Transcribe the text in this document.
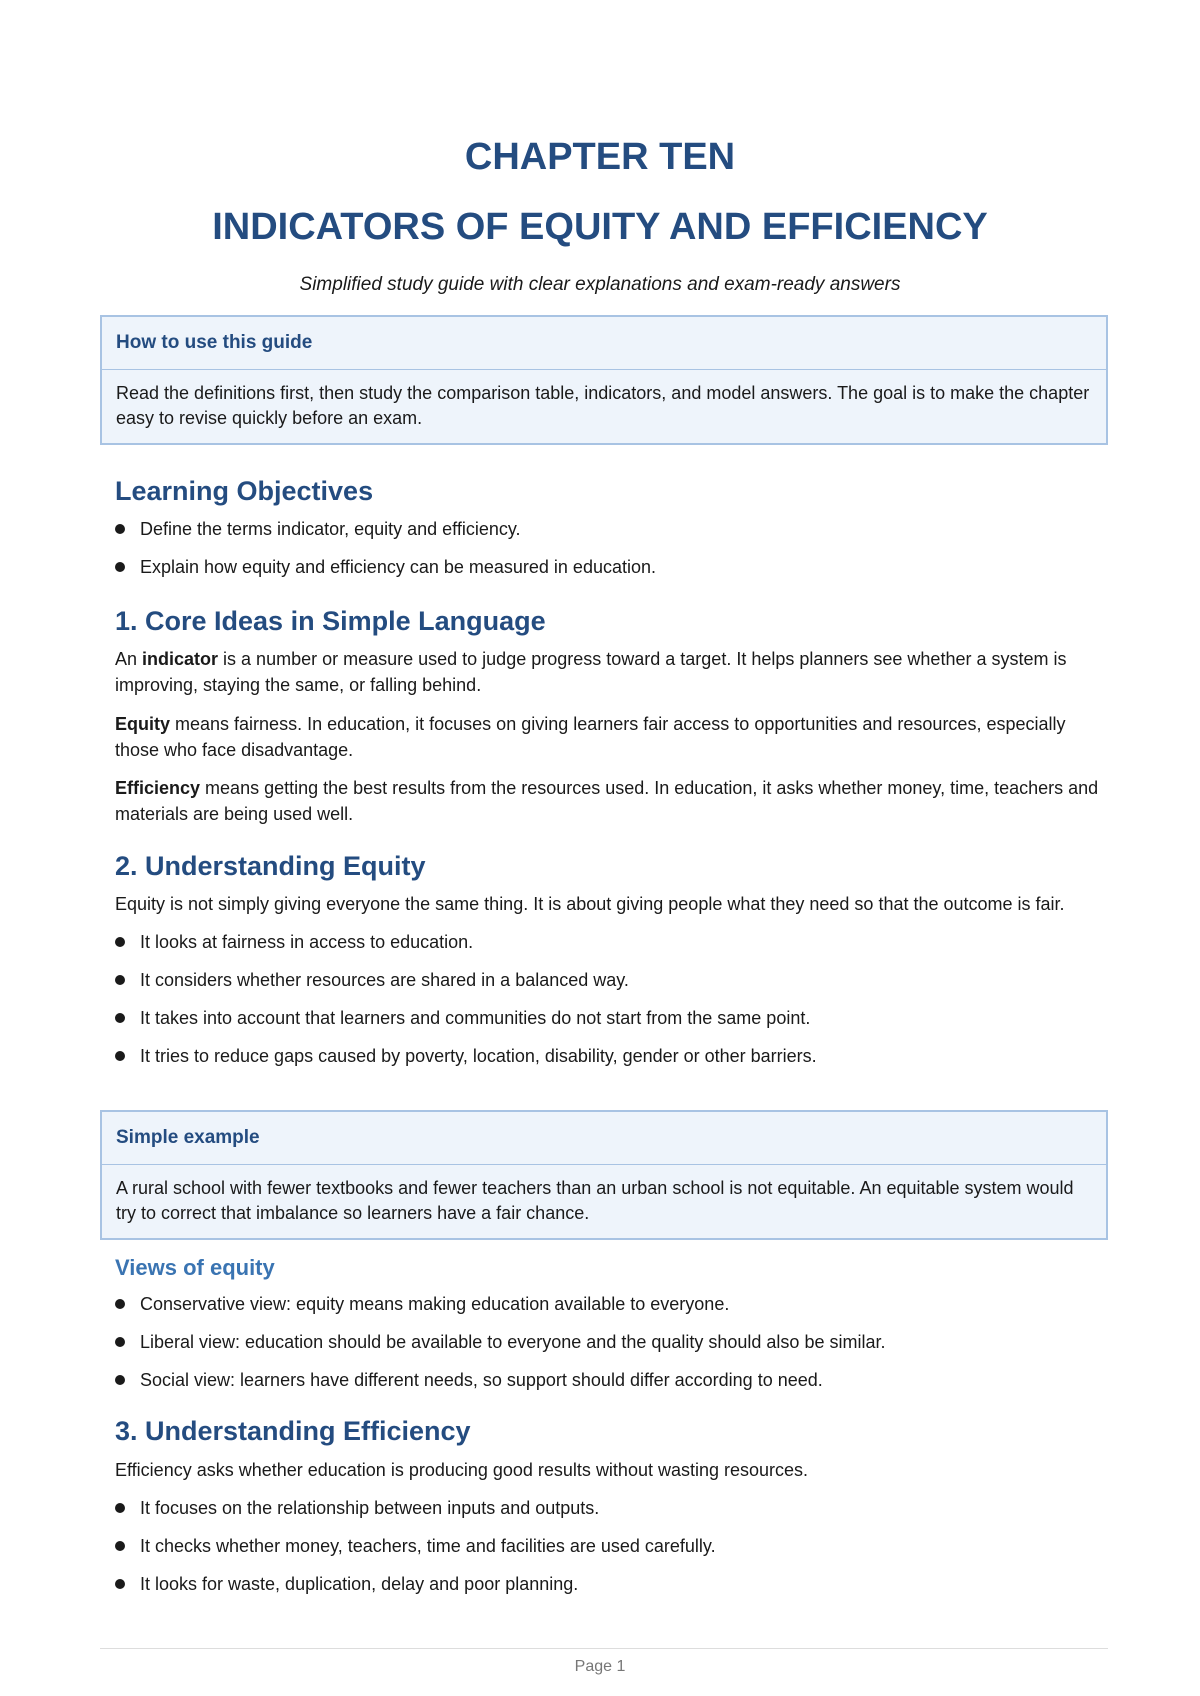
CHAPTER TEN
INDICATORS OF EQUITY AND EFFICIENCY

Simplified study guide with clear explanations and exam-ready answers

How to use this guide
Read the definitions first, then study the comparison table, indicators, and model answers. The goal is to make the chapter easy to revise quickly before an exam.
Learning Objectives
Define the terms indicator, equity and efficiency.
Explain how equity and efficiency can be measured in education.
1. Core Ideas in Simple Language

An indicator is a number or measure used to judge progress toward a target. It helps planners see whether a system is improving, staying the same, or falling behind.

Equity means fairness. In education, it focuses on giving learners fair access to opportunities and resources, especially those who face disadvantage.

Efficiency means getting the best results from the resources used. In education, it asks whether money, time, teachers and materials are being used well.

2. Understanding Equity

Equity is not simply giving everyone the same thing. It is about giving people what they need so that the outcome is fair.

It looks at fairness in access to education.
It considers whether resources are shared in a balanced way.
It takes into account that learners and communities do not start from the same point.
It tries to reduce gaps caused by poverty, location, disability, gender or other barriers.
Simple example
A rural school with fewer textbooks and fewer teachers than an urban school is not equitable. An equitable system would try to correct that imbalance so learners have a fair chance.
Views of equity
Conservative view: equity means making education available to everyone.
Liberal view: education should be available to everyone and the quality should also be similar.
Social view: learners have different needs, so support should differ according to need.
3. Understanding Efficiency

Efficiency asks whether education is producing good results without wasting resources.

It focuses on the relationship between inputs and outputs.
It checks whether money, teachers, time and facilities are used carefully.
It looks for waste, duplication, delay and poor planning.
Page 1
